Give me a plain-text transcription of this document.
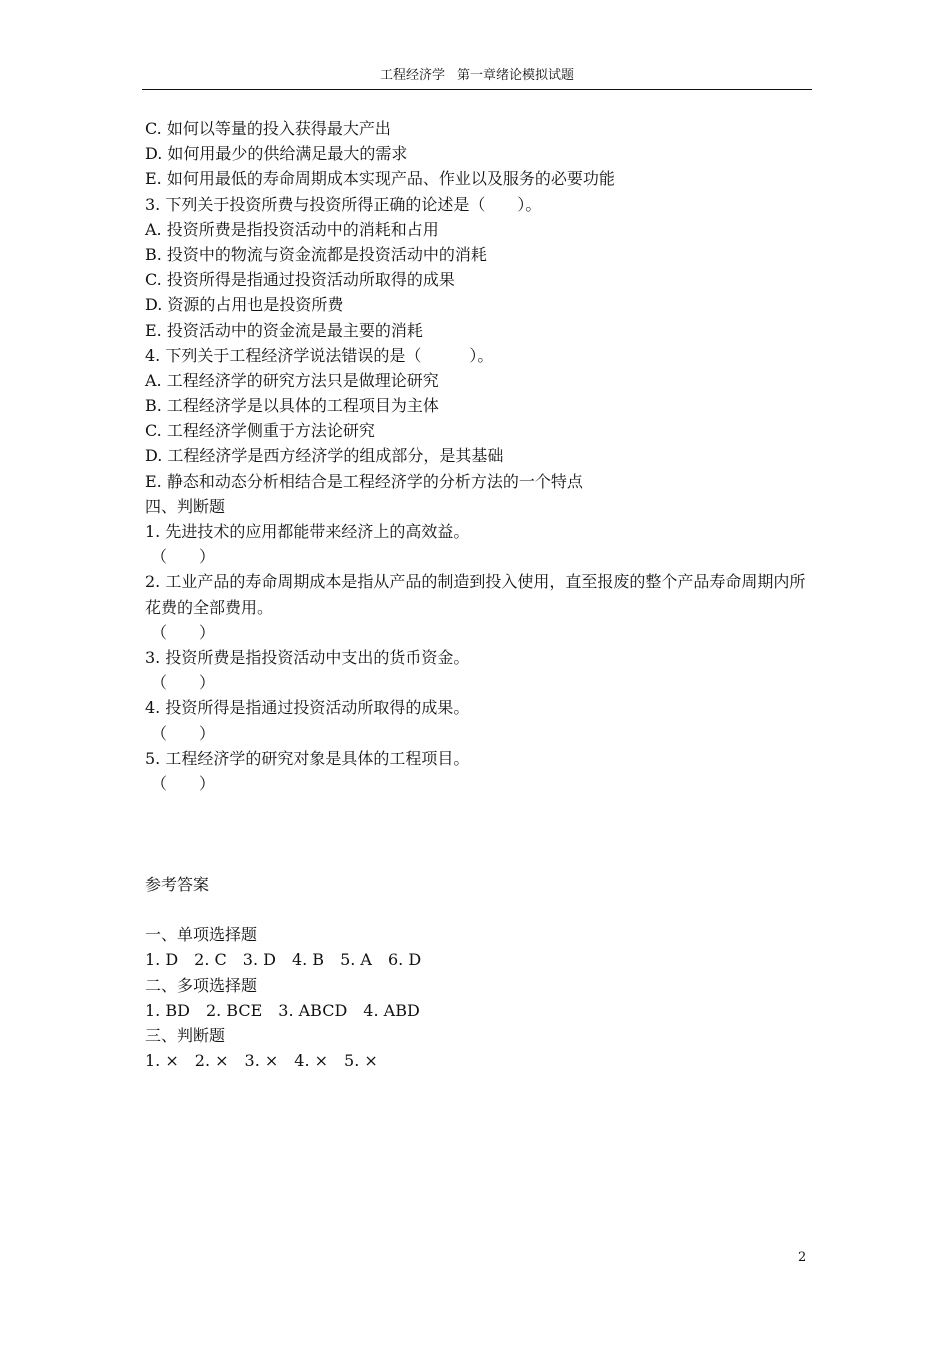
工程经济学 第一章绪论模拟试题
C. 如何以等量的投入获得最大产出
D. 如何用最少的供给满足最大的需求
E. 如何用最低的寿命周期成本实现产品、作业以及服务的必要功能
3. 下列关于投资所费与投资所得正确的论述是（　　）。
A. 投资所费是指投资活动中的消耗和占用
B. 投资中的物流与资金流都是投资活动中的消耗
C. 投资所得是指通过投资活动所取得的成果
D. 资源的占用也是投资所费
E. 投资活动中的资金流是最主要的消耗
4. 下列关于工程经济学说法错误的是（　　　）。
A. 工程经济学的研究方法只是做理论研究
B. 工程经济学是以具体的工程项目为主体
C. 工程经济学侧重于方法论研究
D. 工程经济学是西方经济学的组成部分，是其基础
E. 静态和动态分析相结合是工程经济学的分析方法的一个特点
四、判断题
1. 先进技术的应用都能带来经济上的高效益。
（　　）
2. 工业产品的寿命周期成本是指从产品的制造到投入使用，直至报废的整个产品寿命周期内所花费的全部费用。
（　　）
3. 投资所费是指投资活动中支出的货币资金。
（　　）
4. 投资所得是指通过投资活动所取得的成果。
（　　）
5. 工程经济学的研究对象是具体的工程项目。
（　　）
参考答案
一、单项选择题
1. D　2. C　3. D　4. B　5. A　6. D
二、多项选择题
1. BD　2. BCE　3. ABCD　4. ABD
三、判断题
1. ×　2. ×　3. ×　4. ×　5. ×
2
